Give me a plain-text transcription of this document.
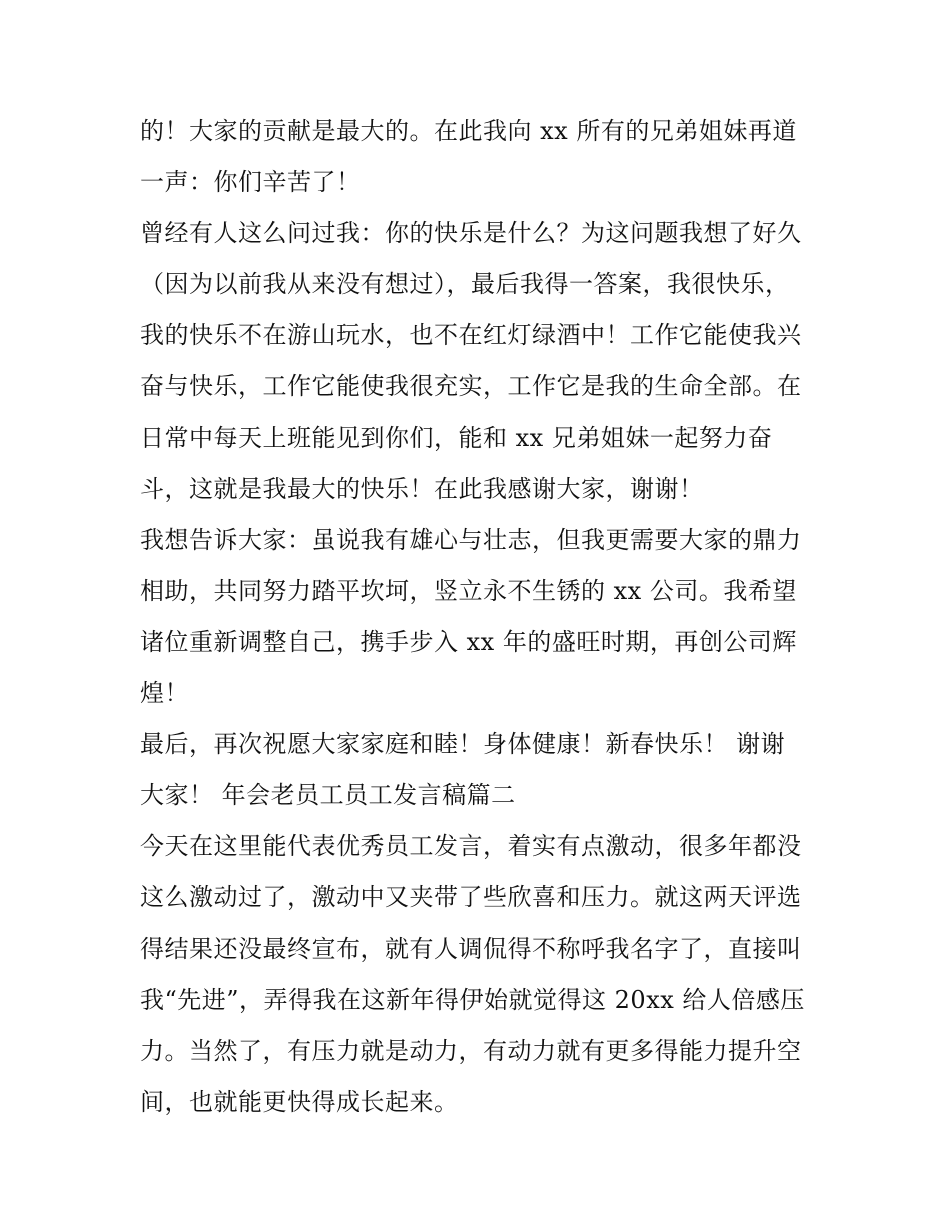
的！大家的贡献是最大的。在此我向 xx 所有的兄弟姐妹再道
一声：你们辛苦了！
曾经有人这么问过我：你的快乐是什么？为这问题我想了好久
（因为以前我从来没有想过），最后我得一答案，我很快乐，
我的快乐不在游山玩水，也不在红灯绿酒中！工作它能使我兴
奋与快乐，工作它能使我很充实，工作它是我的生命全部。在
日常中每天上班能见到你们，能和 xx 兄弟姐妹一起努力奋
斗，这就是我最大的快乐！在此我感谢大家，谢谢！
我想告诉大家：虽说我有雄心与壮志，但我更需要大家的鼎力
相助，共同努力踏平坎坷，竖立永不生锈的 xx 公司。我希望
诸位重新调整自己，携手步入 xx 年的盛旺时期，再创公司辉
煌！
最后，再次祝愿大家家庭和睦！身体健康！新春快乐！ 谢谢
大家！ 年会老员工员工发言稿篇二
今天在这里能代表优秀员工发言，着实有点激动，很多年都没
这么激动过了，激动中又夹带了些欣喜和压力。就这两天评选
得结果还没最终宣布，就有人调侃得不称呼我名字了，直接叫
我“先进”，弄得我在这新年得伊始就觉得这 20xx 给人倍感压
力。当然了，有压力就是动力，有动力就有更多得能力提升空
间，也就能更快得成长起来。
